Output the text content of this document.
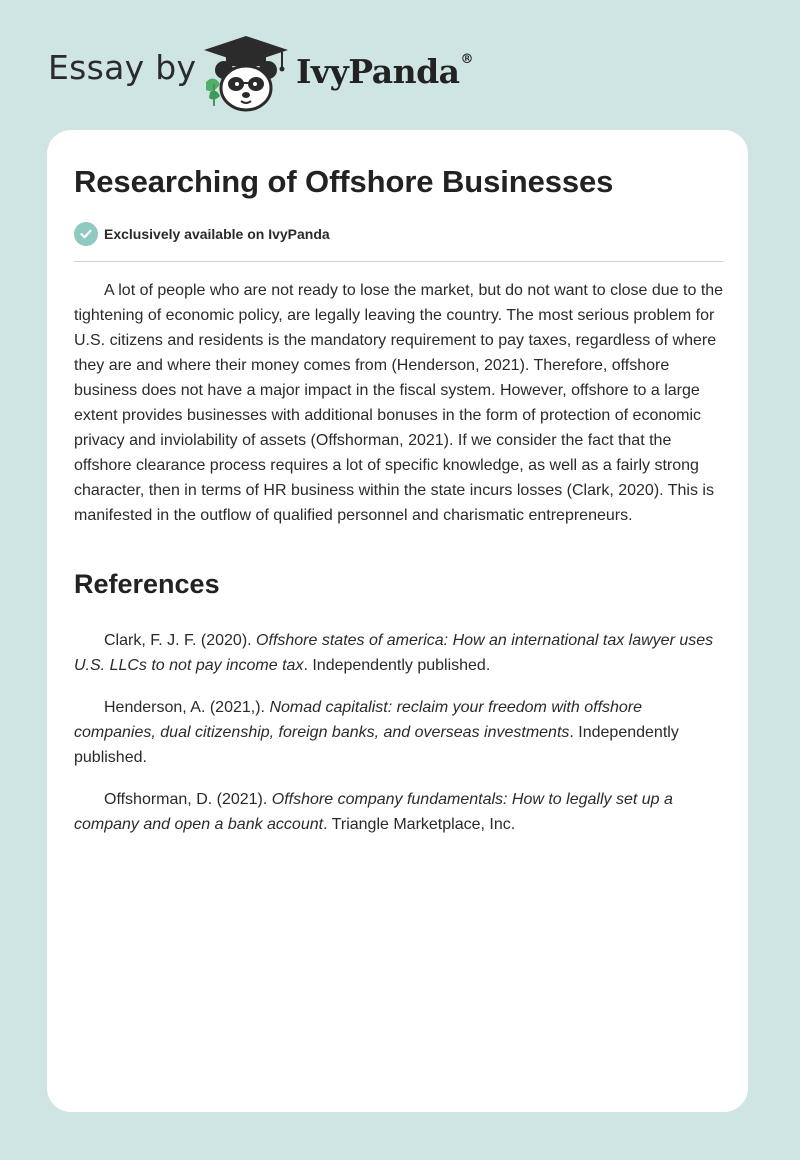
Essay by	IvyPanda®
Researching of Offshore Businesses
Exclusively available on IvyPanda

A lot of people who are not ready to lose the market, but do not want to close due to the tightening of economic policy, are legally leaving the country. The most serious problem for U.S. citizens and residents is the mandatory requirement to pay taxes, regardless of where they are and where their money comes from (Henderson, 2021). Therefore, offshore business does not have a major impact in the fiscal system. However, offshore to a large extent provides businesses with additional bonuses in the form of protection of economic privacy and inviolability of assets (Offshorman, 2021). If we consider the fact that the offshore clearance process requires a lot of specific knowledge, as well as a fairly strong character, then in terms of HR business within the state incurs losses (Clark, 2020). This is manifested in the outflow of qualified personnel and charismatic entrepreneurs.

References

Clark, F. J. F. (2020). Offshore states of america: How an international tax lawyer uses U.S. LLCs to not pay income tax. Independently published.

Henderson, A. (2021,). Nomad capitalist: reclaim your freedom with offshore companies, dual citizenship, foreign banks, and overseas investments. Independently published.

Offshorman, D. (2021). Offshore company fundamentals: How to legally set up a company and open a bank account. Triangle Marketplace, Inc.
